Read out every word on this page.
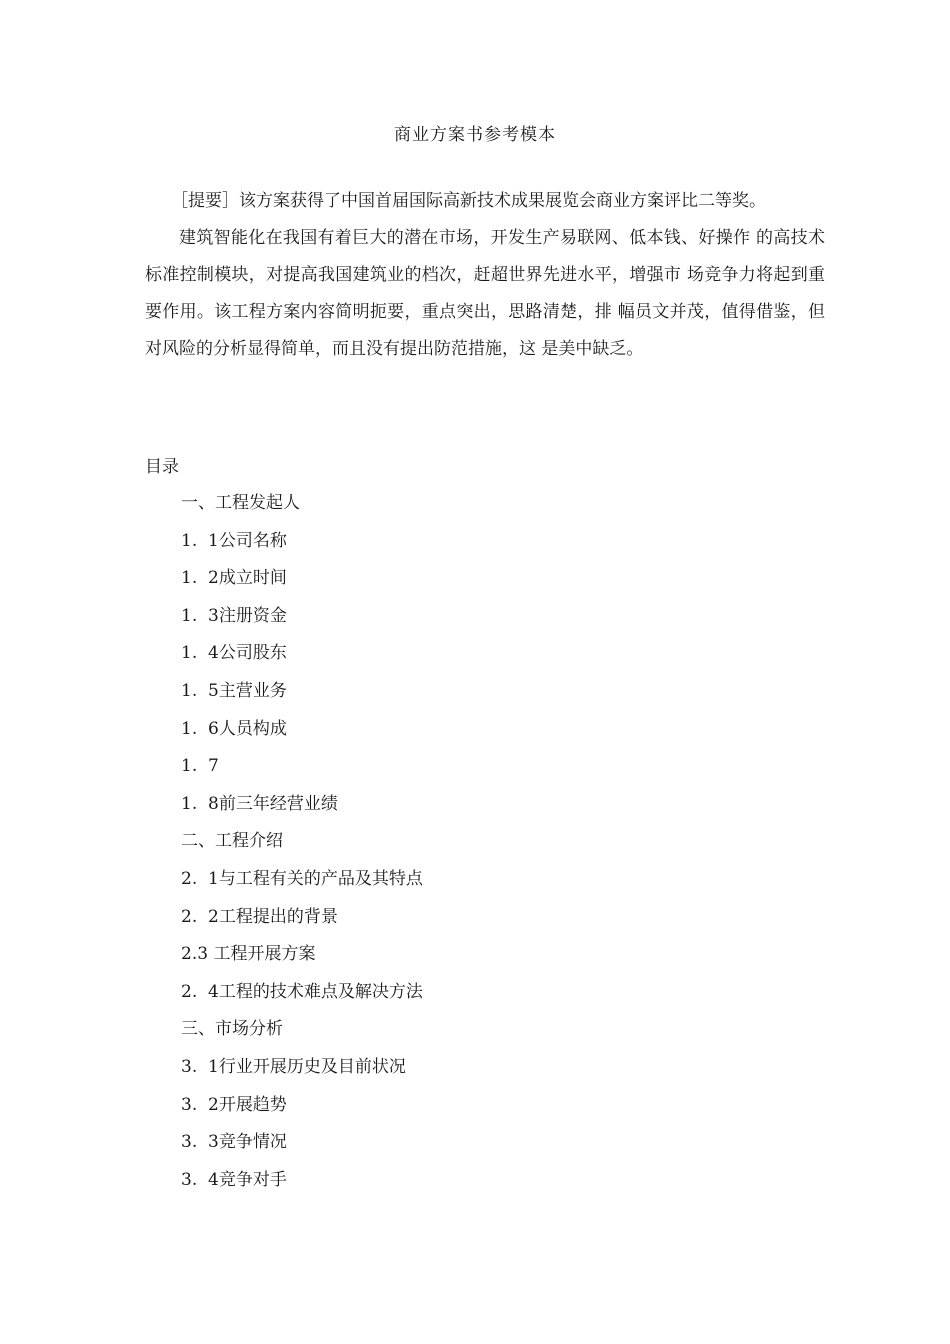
商业方案书参考模本
［提要］该方案获得了中国首届国际高新技术成果展览会商业方案评比二等奖。
建筑智能化在我国有着巨大的潜在市场，开发生产易联网、低本钱、好操作 的高技术标准控制模块，对提高我国建筑业的档次，赶超世界先进水平，增强市 场竞争力将起到重要作用。该工程方案内容简明扼要，重点突出，思路清楚，排 幅员文并茂，值得借鉴，但对风险的分析显得简单，而且没有提出防范措施，这 是美中缺乏。
目录
一、工程发起人
1.  1公司名称
1.  2成立时间
1.  3注册资金
1.  4公司股东
1.  5主营业务
1.  6人员构成
1.  7
1.  8前三年经营业绩
二、工程介绍
2.  1与工程有关的产品及其特点
2.  2工程提出的背景
2.3 工程开展方案
2.  4工程的技术难点及解决方法
三、市场分析
3.  1行业开展历史及目前状况
3.  2开展趋势
3.  3竞争情况
3.  4竞争对手
